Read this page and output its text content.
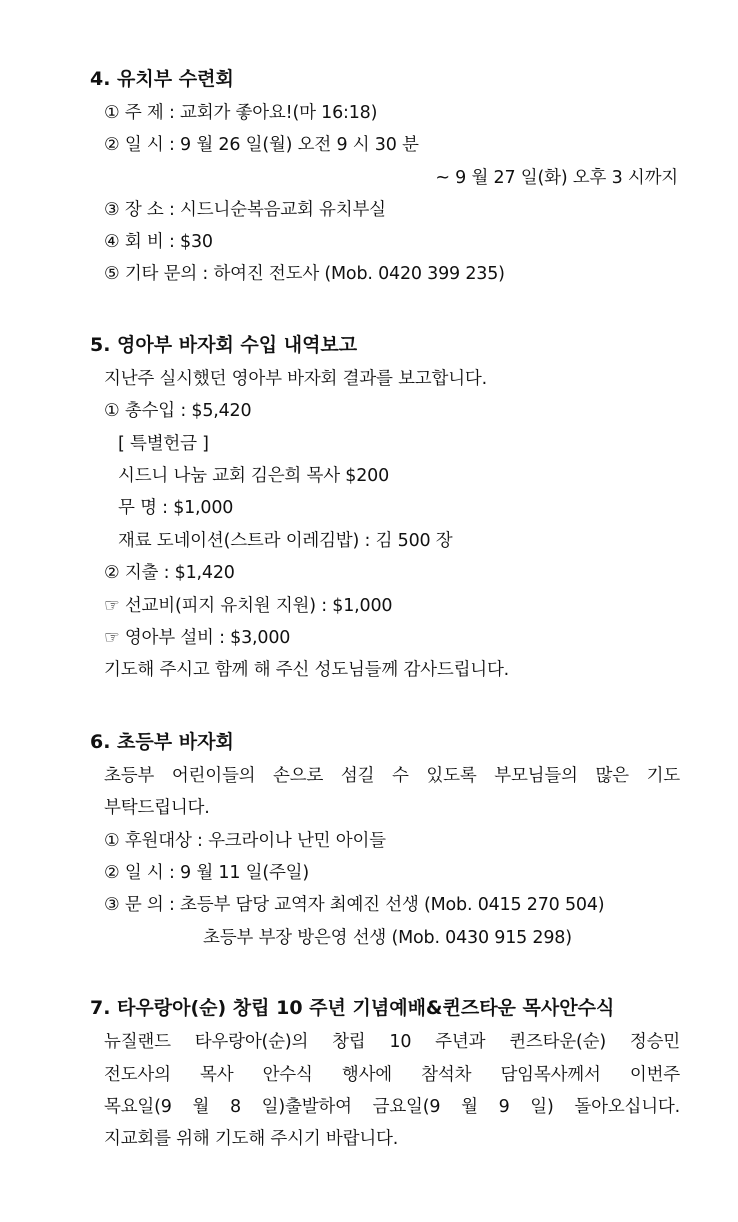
4. 유치부 수련회
① 주 제 : 교회가 좋아요!(마 16:18)
② 일 시 : 9 월 26 일(월) 오전 9 시 30 분
~ 9 월 27 일(화) 오후 3 시까지
③ 장 소 : 시드니순복음교회 유치부실
④ 회 비 : $30
⑤ 기타 문의 : 하여진 전도사 (Mob. 0420 399 235)
5. 영아부 바자회 수입 내역보고
지난주 실시했던 영아부 바자회 결과를 보고합니다.
① 총수입 : $5,420
[ 특별헌금 ]
시드니 나눔 교회 김은희 목사 $200
무 명 : $1,000
재료 도네이션(스트라 이레김밥) : 김 500 장
② 지출 : $1,420
☞ 선교비(피지 유치원 지원) : $1,000
☞ 영아부 설비 : $3,000
기도해 주시고 함께 해 주신 성도님들께 감사드립니다.
6. 초등부 바자회
초등부 어린이들의 손으로 섬길 수 있도록 부모님들의 많은 기도
부탁드립니다.
① 후원대상 : 우크라이나 난민 아이들
② 일 시 : 9 월 11 일(주일)
③ 문 의 : 초등부 담당 교역자 최예진 선생 (Mob. 0415 270 504)
초등부 부장 방은영 선생 (Mob. 0430 915 298)
7. 타우랑아(순) 창립 10 주년 기념예배&퀸즈타운 목사안수식
뉴질랜드 타우랑아(순)의 창립 10 주년과 퀸즈타운(순) 정승민
전도사의 목사 안수식 행사에 참석차 담임목사께서 이번주
목요일(9 월 8 일)출발하여 금요일(9 월 9 일) 돌아오십니다.
지교회를 위해 기도해 주시기 바랍니다.
